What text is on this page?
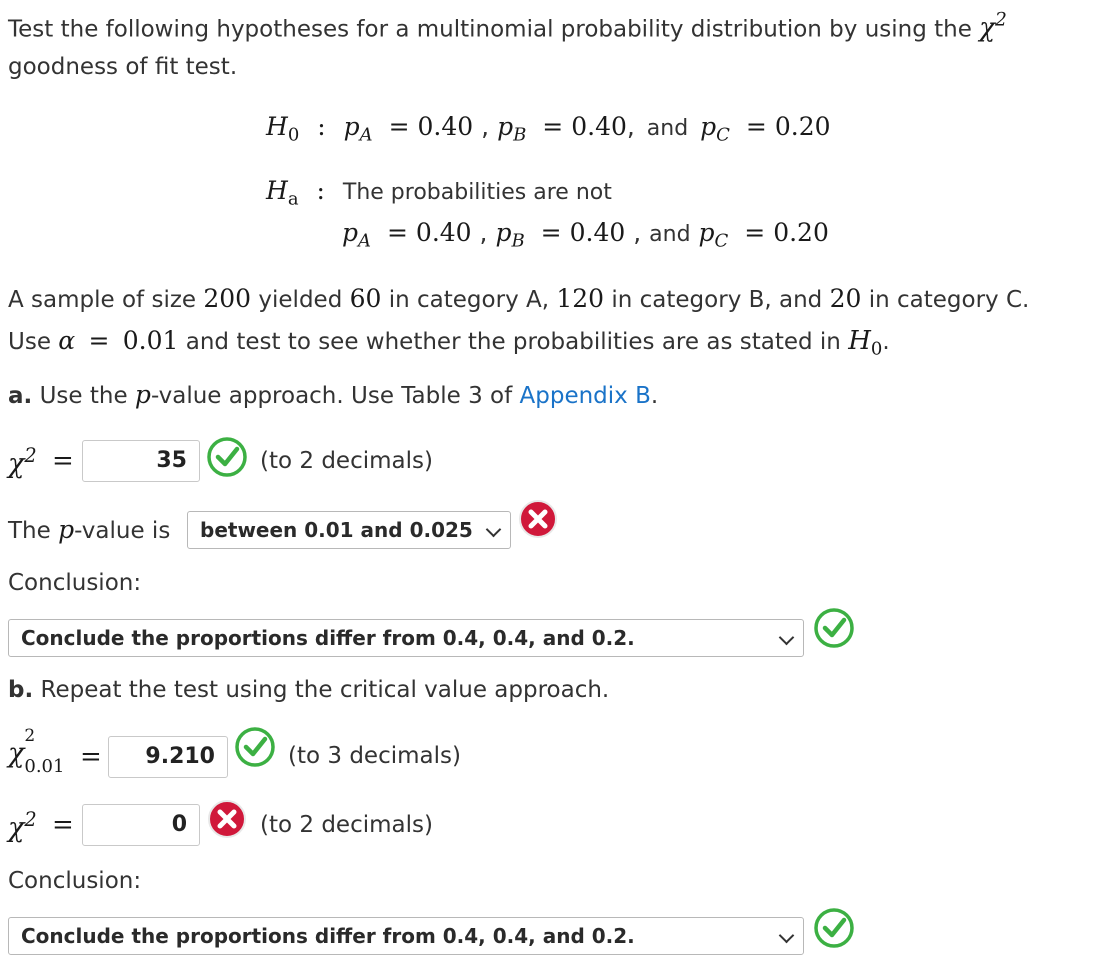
Test the following hypotheses for a multinomial probability distribution by using the $\chi^2$
goodness of fit test.
$H_0$ : $p_A = 0.40$ , $p_B = 0.40$, and $p_C = 0.20$
$H_a$ : The probabilities are not
$p_A = 0.40$ , $p_B = 0.40$ , and $p_C = 0.20$
A sample of size 200 yielded 60 in category A, 120 in category B, and 20 in category C.
Use α = 0.01 and test to see whether the probabilities are as stated in $H_0$.
a. Use the p-value approach. Use Table 3 of Appendix B.
$\chi^2$ =	35	(to 2 decimals)
The p-value is	between 0.01 and 0.025
Conclusion:
Conclude the proportions differ from 0.4, 0.4, and 0.2.
b. Repeat the test using the critical value approach.
χ
2
$_{0.01}$ =	9.210	(to 3 decimals)
$\chi^2$ =	0	(to 2 decimals)
Conclusion:
Conclude the proportions differ from 0.4, 0.4, and 0.2.
